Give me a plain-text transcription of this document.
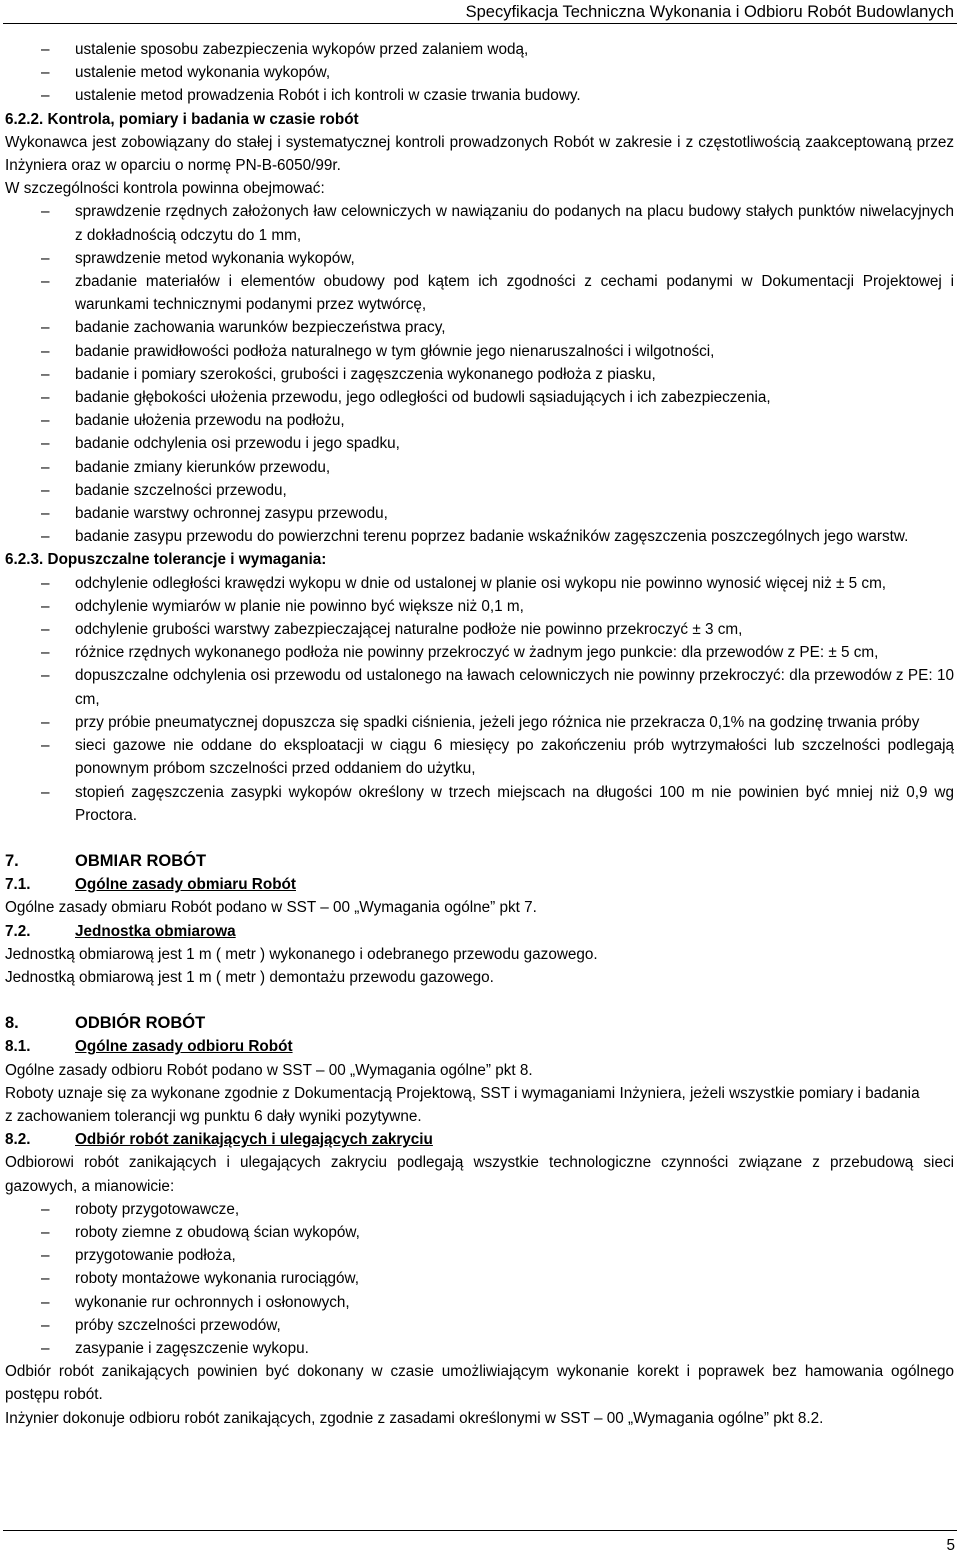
Specyfikacja Techniczna Wykonania i Odbioru Robót Budowlanych
–	ustalenie sposobu zabezpieczenia wykopów przed zalaniem wodą,
–	ustalenie metod wykonania wykopów,
–	ustalenie metod prowadzenia Robót i ich kontroli w czasie trwania budowy.

6.2.2. Kontrola, pomiary i badania w czasie robót

Wykonawca jest zobowiązany do stałej i systematycznej kontroli prowadzonych Robót w zakresie i z częstotliwością zaakceptowaną przez Inżyniera oraz w oparciu o normę PN-B-6050/99r.

W szczególności kontrola powinna obejmować:

–	sprawdzenie rzędnych założonych ław celowniczych w nawiązaniu do podanych na placu budowy stałych punktów niwelacyjnych z dokładnością odczytu do 1 mm,
–	sprawdzenie metod wykonania wykopów,
–	zbadanie materiałów i elementów obudowy pod kątem ich zgodności z cechami podanymi w Dokumentacji Projektowej i warunkami technicznymi podanymi przez wytwórcę,
–	badanie zachowania warunków bezpieczeństwa pracy,
–	badanie prawidłowości podłoża naturalnego w tym głównie jego nienaruszalności i wilgotności,
–	badanie i pomiary szerokości, grubości i zagęszczenia wykonanego podłoża z piasku,
–	badanie głębokości ułożenia przewodu, jego odległości od budowli sąsiadujących i ich zabezpieczenia,
–	badanie ułożenia przewodu na podłożu,
–	badanie odchylenia osi przewodu i jego spadku,
–	badanie zmiany kierunków przewodu,
–	badanie szczelności przewodu,
–	badanie warstwy ochronnej zasypu przewodu,
–	badanie zasypu przewodu do powierzchni terenu poprzez badanie wskaźników zagęszczenia poszczególnych jego warstw.

6.2.3. Dopuszczalne tolerancje i wymagania:

–	odchylenie odległości krawędzi wykopu w dnie od ustalonej w planie osi wykopu nie powinno wynosić więcej niż ± 5 cm,
–	odchylenie wymiarów w planie nie powinno być większe niż 0,1 m,
–	odchylenie grubości warstwy zabezpieczającej naturalne podłoże nie powinno przekroczyć ± 3 cm,
–	różnice rzędnych wykonanego podłoża nie powinny przekroczyć w żadnym jego punkcie: dla przewodów z PE: ± 5 cm,
–	dopuszczalne odchylenia osi przewodu od ustalonego na ławach celowniczych nie powinny przekroczyć: dla przewodów z PE: 10 cm,
–	przy próbie pneumatycznej dopuszcza się spadki ciśnienia, jeżeli jego różnica nie przekracza 0,1% na godzinę trwania próby
–	sieci gazowe nie oddane do eksploatacji w ciągu 6 miesięcy po zakończeniu prób wytrzymałości lub szczelności podlegają ponownym próbom szczelności przed oddaniem do użytku,
–	stopień zagęszczenia zasypki wykopów określony w trzech miejscach na długości 100 m nie powinien być mniej niż 0,9 wg Proctora.

7.	OBMIAR ROBÓT

7.1.	Ogólne zasady obmiaru Robót

Ogólne zasady obmiaru Robót podano w SST – 00 „Wymagania ogólne” pkt 7.

7.2.	Jednostka obmiarowa

Jednostką obmiarową jest 1 m ( metr ) wykonanego i odebranego przewodu gazowego.

Jednostką obmiarową jest 1 m ( metr ) demontażu przewodu gazowego.

8.	ODBIÓR ROBÓT

8.1.	Ogólne zasady odbioru Robót

Ogólne zasady odbioru Robót podano w SST – 00 „Wymagania ogólne” pkt 8.

Roboty uznaje się za wykonane zgodnie z Dokumentacją Projektową, SST i wymaganiami Inżyniera, jeżeli wszystkie pomiary i badania z zachowaniem tolerancji wg punktu 6 dały wyniki pozytywne.

8.2.	Odbiór robót zanikających i ulegających zakryciu

Odbiorowi robót zanikających i ulegających zakryciu podlegają wszystkie technologiczne czynności związane z przebudową sieci gazowych, a mianowicie:

–	roboty przygotowawcze,
–	roboty ziemne z obudową ścian wykopów,
–	przygotowanie podłoża,
–	roboty montażowe wykonania rurociągów,
–	wykonanie rur ochronnych i osłonowych,
–	próby szczelności przewodów,
–	zasypanie i zagęszczenie wykopu.

Odbiór robót zanikających powinien być dokonany w czasie umożliwiającym wykonanie korekt i poprawek bez hamowania ogólnego postępu robót.

Inżynier dokonuje odbioru robót zanikających, zgodnie z zasadami określonymi w SST – 00 „Wymagania ogólne” pkt 8.2.

5
